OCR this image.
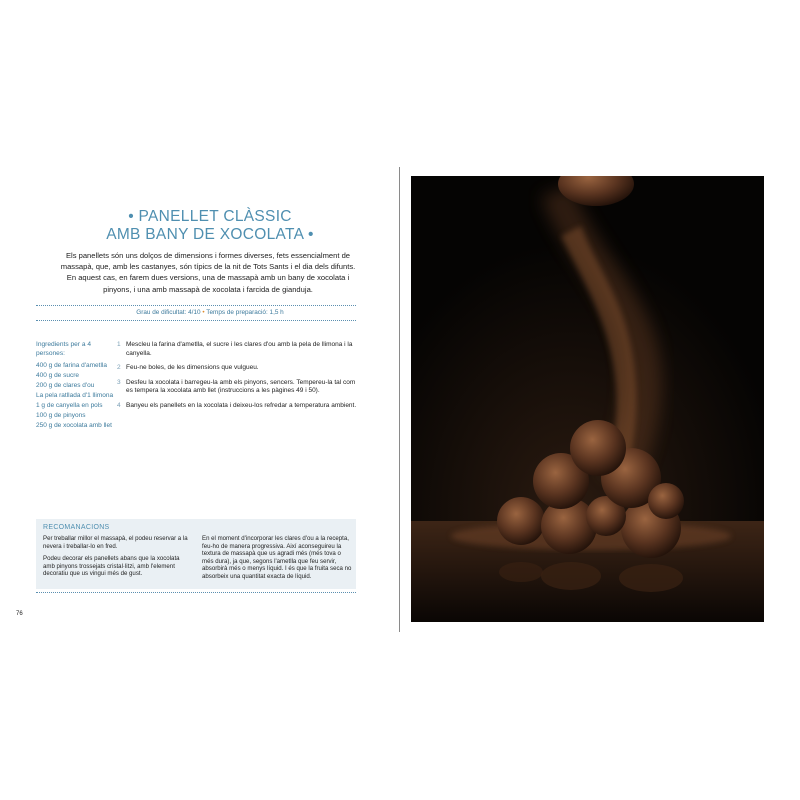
• PANELLET CLÀSSIC
AMB BANY DE XOCOLATA •
Els panellets són uns dolços de dimensions i formes diverses, fets essencialment de massapà, que, amb les castanyes, són típics de la nit de Tots Sants i el dia dels difunts. En aquest cas, en farem dues versions, una de massapà amb un bany de xocolata i pinyons, i una amb massapà de xocolata i farcida de gianduja.
Grau de dificultat: 4/10 • Temps de preparació: 1,5 h
Ingredients per a 4 persones:
400 g de farina d'ametlla
400 g de sucre
200 g de clares d'ou
La pela ratllada d'1 llimona
1 g de canyella en pols
100 g de pinyons
250 g de xocolata amb llet
1 Mescleu la farina d'ametlla, el sucre i les clares d'ou amb la pela de llimona i la canyella.
2 Feu-ne boles, de les dimensions que vulgueu.
3 Desfeu la xocolata i barregeu-la amb els pinyons, sencers. Tempereu-la tal com es tempera la xocolata amb llet (instruccions a les pàgines 49 i 50).
4 Banyeu els panellets en la xocolata i deixeu-los refredar a temperatura ambient.
RECOMANACIONS

Per treballar millor el massapà, el podeu reservar a la nevera i treballar-lo en fred.

Podeu decorar els panellets abans que la xocolata amb pinyons trossejats cristal·litzi, amb l'element decoratiu que us vingui més de gust.

En el moment d'incorporar les clares d'ou a la recepta, feu-ho de manera progressiva. Així aconseguireu la textura de massapà que us agradi més (més tova o més dura), ja que, segons l'ametlla que feu servir, absorbirà més o menys líquid. I és que la fruita seca no absorbeix una quantitat exacta de líquid.

76
